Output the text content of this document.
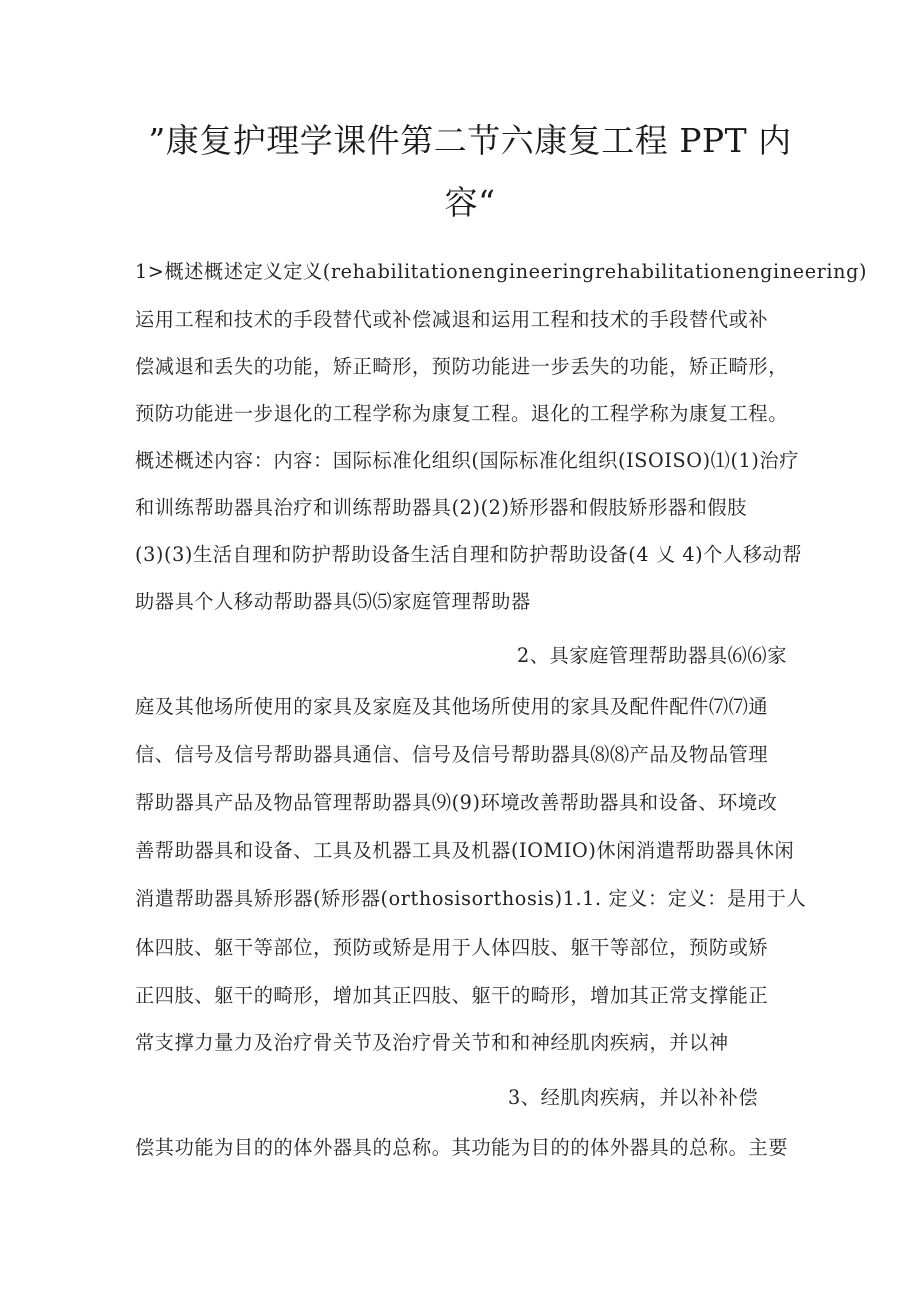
”康复护理学课件第二节六康复工程 PPT 内
容“
1>概述概述定义定义(rehabilitationengineeringrehabilitationengineering)
运用工程和技术的手段替代或补偿减退和运用工程和技术的手段替代或补
偿减退和丢失的功能，矫正畸形，预防功能进一步丢失的功能，矫正畸形，
预防功能进一步退化的工程学称为康复工程。退化的工程学称为康复工程。
概述概述内容：内容：国际标准化组织(国际标准化组织(ISOISO)⑴(1)治疗
和训练帮助器具治疗和训练帮助器具(2)(2)矫形器和假肢矫形器和假肢
(3)(3)生活自理和防护帮助设备生活自理和防护帮助设备(4 乂 4)个人移动帮
助器具个人移动帮助器具⑸⑸家庭管理帮助器
2、具家庭管理帮助器具⑹⑹家
庭及其他场所使用的家具及家庭及其他场所使用的家具及配件配件⑺⑺通
信、信号及信号帮助器具通信、信号及信号帮助器具⑻⑻产品及物品管理
帮助器具产品及物品管理帮助器具⑼(9)环境改善帮助器具和设备、环境改
善帮助器具和设备、工具及机器工具及机器(IOMIO)休闲消遣帮助器具休闲
消遣帮助器具矫形器(矫形器(orthosisorthosis)1.1. 定义：定义：是用于人
体四肢、躯干等部位，预防或矫是用于人体四肢、躯干等部位，预防或矫
正四肢、躯干的畸形，增加其正四肢、躯干的畸形，增加其正常支撑能正
常支撑力量力及治疗骨关节及治疗骨关节和和神经肌肉疾病，并以神
3、经肌肉疾病，并以补补偿
偿其功能为目的的体外器具的总称。其功能为目的的体外器具的总称。主要
